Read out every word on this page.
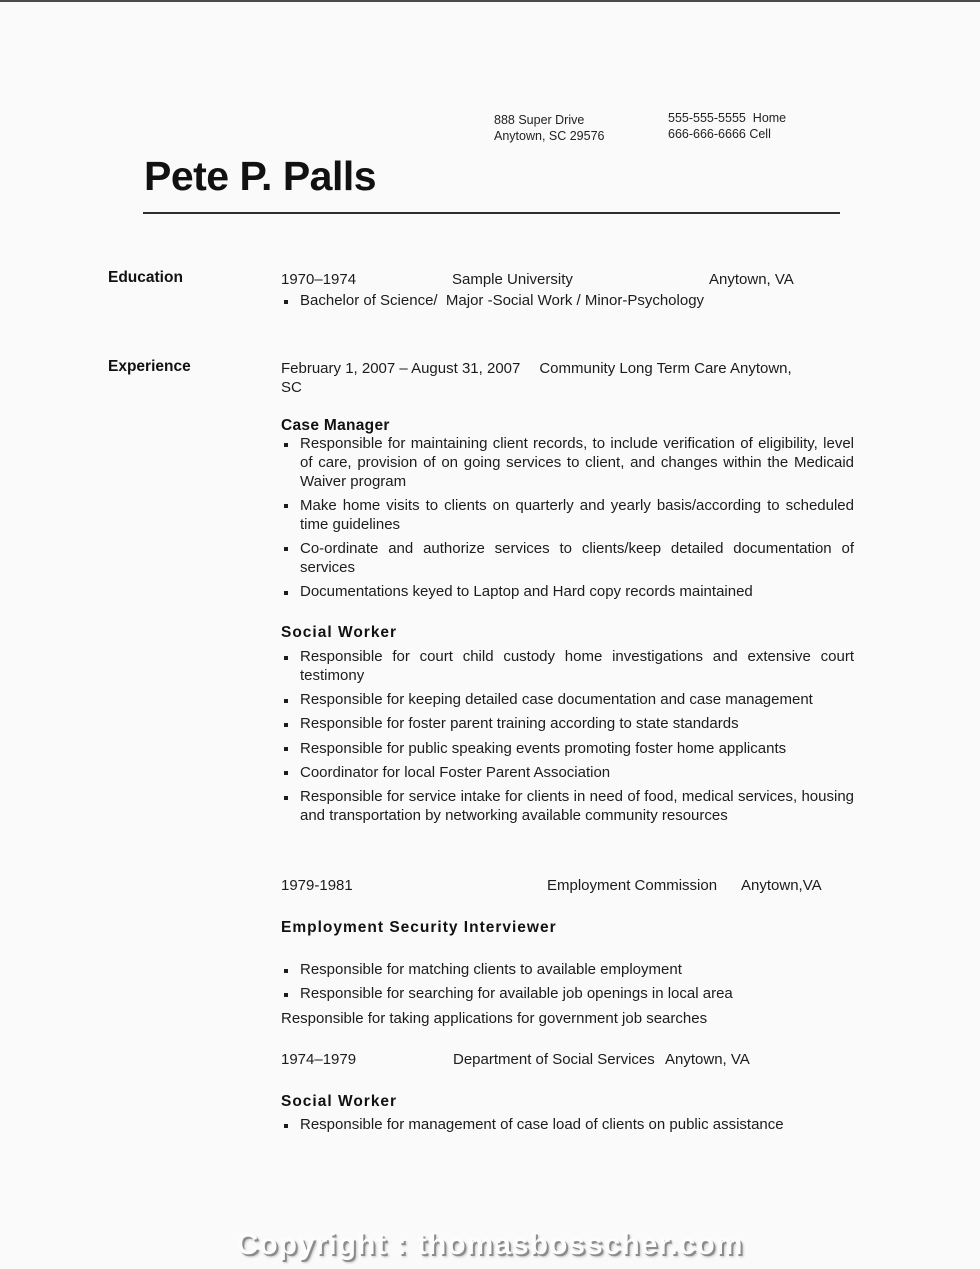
888 Super Drive
Anytown, SC 29576
555-555-5555  Home
666-666-6666 Cell
Pete P. Palls
Education	1970–1974	Sample University	Anytown, VA
Bachelor of Science/  Major -Social Work / Minor-Psychology
Experience	February 1, 2007 – August 31, 2007 Community Long Term Care Anytown,
SC
Case Manager
Responsible for maintaining client records, to include verification of eligibility, level of care, provision of on going services to client, and changes within the Medicaid Waiver program
Make home visits to clients on quarterly and yearly basis/according to scheduled time guidelines
Co-ordinate and authorize services to clients/keep detailed documentation of services
Documentations keyed to Laptop and Hard copy records maintained
Social Worker
Responsible for court child custody home investigations and extensive court testimony
Responsible for keeping detailed case documentation and case management
Responsible for foster parent training according to state standards
Responsible for public speaking events promoting foster home applicants
Coordinator for local Foster Parent Association
Responsible for service intake for clients in need of food, medical services, housing and transportation by networking available community resources
1979-1981	Employment Commission Anytown,VA
Employment Security Interviewer
Responsible for matching clients to available employment
Responsible for searching for available job openings in local area
Responsible for taking applications for government job searches
1974–1979	Department of Social Services Anytown, VA
Social Worker
Responsible for management of case load of clients on public assistance
Copyright : thomasbosscher.com
